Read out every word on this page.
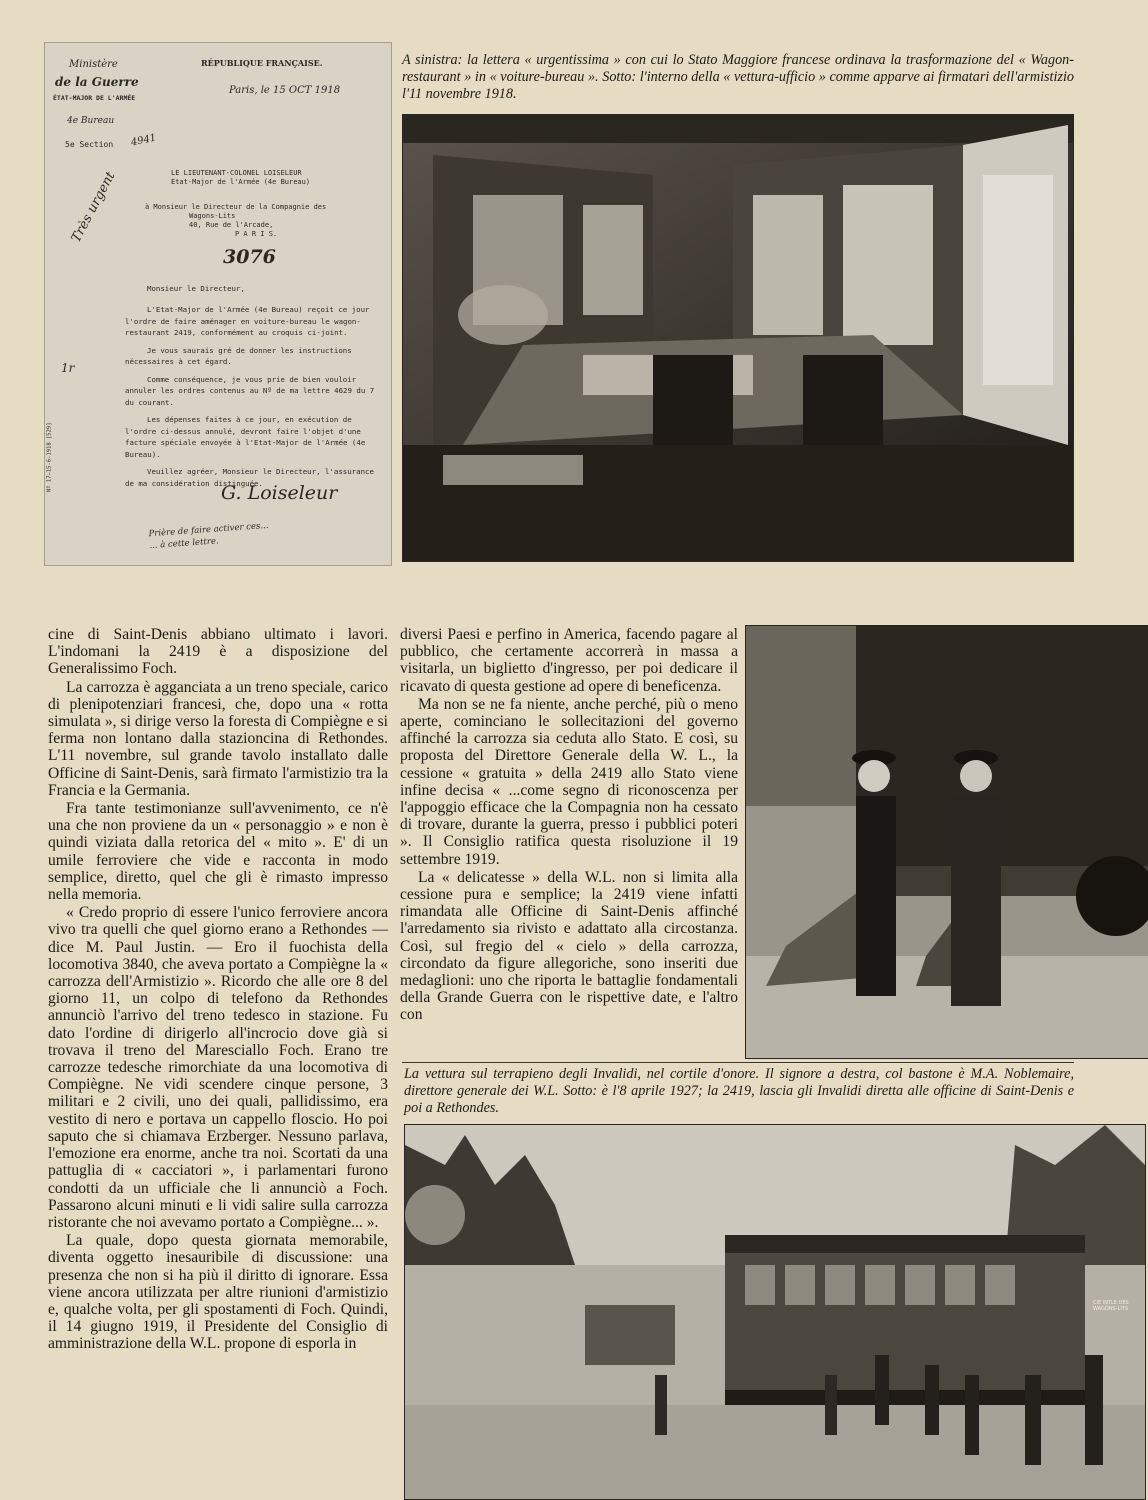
Ministère
de la Guerre
ÉTAT-MAJOR DE L'ARMÉE
4e Bureau
5e Section 4941
RÉPUBLIQUE FRANÇAISE.
Paris, le 15 OCT 1918
LE LIEUTENANT-COLONEL LOISELEUR
Etat-Major de l'Armée (4e Bureau)
à Monsieur le Directeur de la Compagnie des
Wagons-Lits
40, Rue de l'Arcade,
P A R I S.
3076
Très urgent

Monsieur le Directeur,

L'Etat-Major de l'Armée (4e Bureau) reçoit ce jour l'ordre de faire aménager en voiture-bureau le wagon-restaurant 2419, conformément au croquis ci-joint.

Je vous saurais gré de donner les instructions nécessaires à cet égard.

Comme conséquence, je vous prie de bien vouloir annuler les ordres contenus au Nº de ma lettre 4629 du 7 du courant.

Les dépenses faites à ce jour, en exécution de l'ordre ci-dessus annulé, devront faire l'objet d'une facture spéciale envoyée à l'Etat-Major de l'Armée (4e Bureau).

Veuillez agréer, Monsieur le Directeur, l'assurance de ma considération distinguée.

1r
Nº 17—15-6-1918 [529]
G. Loiseleur
Prière de faire activer ces...
... à cette lettre.

A sinistra: la lettera « urgentissima » con cui lo Stato Maggiore francese ordinava la trasformazione del « Wagon-restaurant » in « voiture-bureau ». Sotto: l'interno della « vettura-ufficio » comme apparve ai firmatari dell'armistizio l'11 novembre 1918.

La vettura sul terrapieno degli Invalidi, nel cortile d'onore. Il signore a destra, col bastone è M.A. Noblemaire, direttore generale dei W.L. Sotto: è l'8 aprile 1927; la 2419, lascia gli Invalidi diretta alle officine di Saint-Denis e poi a Rethondes.

CIE INTLE DES WAGONS-LITS

cine di Saint-Denis abbiano ultimato i lavori. L'indomani la 2419 è a disposizione del Generalissimo Foch.

La carrozza è agganciata a un treno speciale, carico di plenipotenziari francesi, che, dopo una « rotta simulata », si dirige verso la foresta di Compiègne e si ferma non lontano dalla stazioncina di Rethondes. L'11 novembre, sul grande tavolo installato dalle Officine di Saint-Denis, sarà firmato l'armistizio tra la Francia e la Germania.

Fra tante testimonianze sull'avvenimento, ce n'è una che non proviene da un « personaggio » e non è quindi viziata dalla retorica del « mito ». E' di un umile ferroviere che vide e racconta in modo semplice, diretto, quel che gli è rimasto impresso nella memoria.

« Credo proprio di essere l'unico ferroviere ancora vivo tra quelli che quel giorno erano a Rethondes — dice M. Paul Justin. — Ero il fuochista della locomotiva 3840, che aveva portato a Compiègne la « carrozza dell'Armistizio ». Ricordo che alle ore 8 del giorno 11, un colpo di telefono da Rethondes annunciò l'arrivo del treno tedesco in stazione. Fu dato l'ordine di dirigerlo all'incrocio dove già si trovava il treno del Maresciallo Foch. Erano tre carrozze tedesche rimorchiate da una locomotiva di Compiègne. Ne vidi scendere cinque persone, 3 militari e 2 civili, uno dei quali, pallidissimo, era vestito di nero e portava un cappello floscio. Ho poi saputo che si chiamava Erzberger. Nessuno parlava, l'emozione era enorme, anche tra noi. Scortati da una pattuglia di « cacciatori », i parlamentari furono condotti da un ufficiale che li annunciò a Foch. Passarono alcuni minuti e li vidi salire sulla carrozza ristorante che noi avevamo portato a Compiègne... ».

La quale, dopo questa giornata memorabile, diventa oggetto inesauribile di discussione: una presenza che non si ha più il diritto di ignorare. Essa viene ancora utilizzata per altre riunioni d'armistizio e, qualche volta, per gli spostamenti di Foch. Quindi, il 14 giugno 1919, il Presidente del Consiglio di amministrazione della W.L. propone di esporla in

diversi Paesi e perfino in America, facendo pagare al pubblico, che certamente accorrerà in massa a visitarla, un biglietto d'ingresso, per poi dedicare il ricavato di questa gestione ad opere di beneficenza.

Ma non se ne fa niente, anche perché, più o meno aperte, cominciano le sollecitazioni del governo affinché la carrozza sia ceduta allo Stato. E così, su proposta del Direttore Generale della W. L., la cessione « gratuita » della 2419 allo Stato viene infine decisa « ...come segno di riconoscenza per l'appoggio efficace che la Compagnia non ha cessato di trovare, durante la guerra, presso i pubblici poteri ». Il Consiglio ratifica questa risoluzione il 19 settembre 1919.

La « delicatesse » della W.L. non si limita alla cessione pura e semplice; la 2419 viene infatti rimandata alle Officine di Saint-Denis affinché l'arredamento sia rivisto e adattato alla circostanza. Così, sul fregio del « cielo » della carrozza, circondato da figure allegoriche, sono inseriti due medaglioni: uno che riporta le battaglie fondamentali della Grande Guerra con le rispettive date, e l'altro con
